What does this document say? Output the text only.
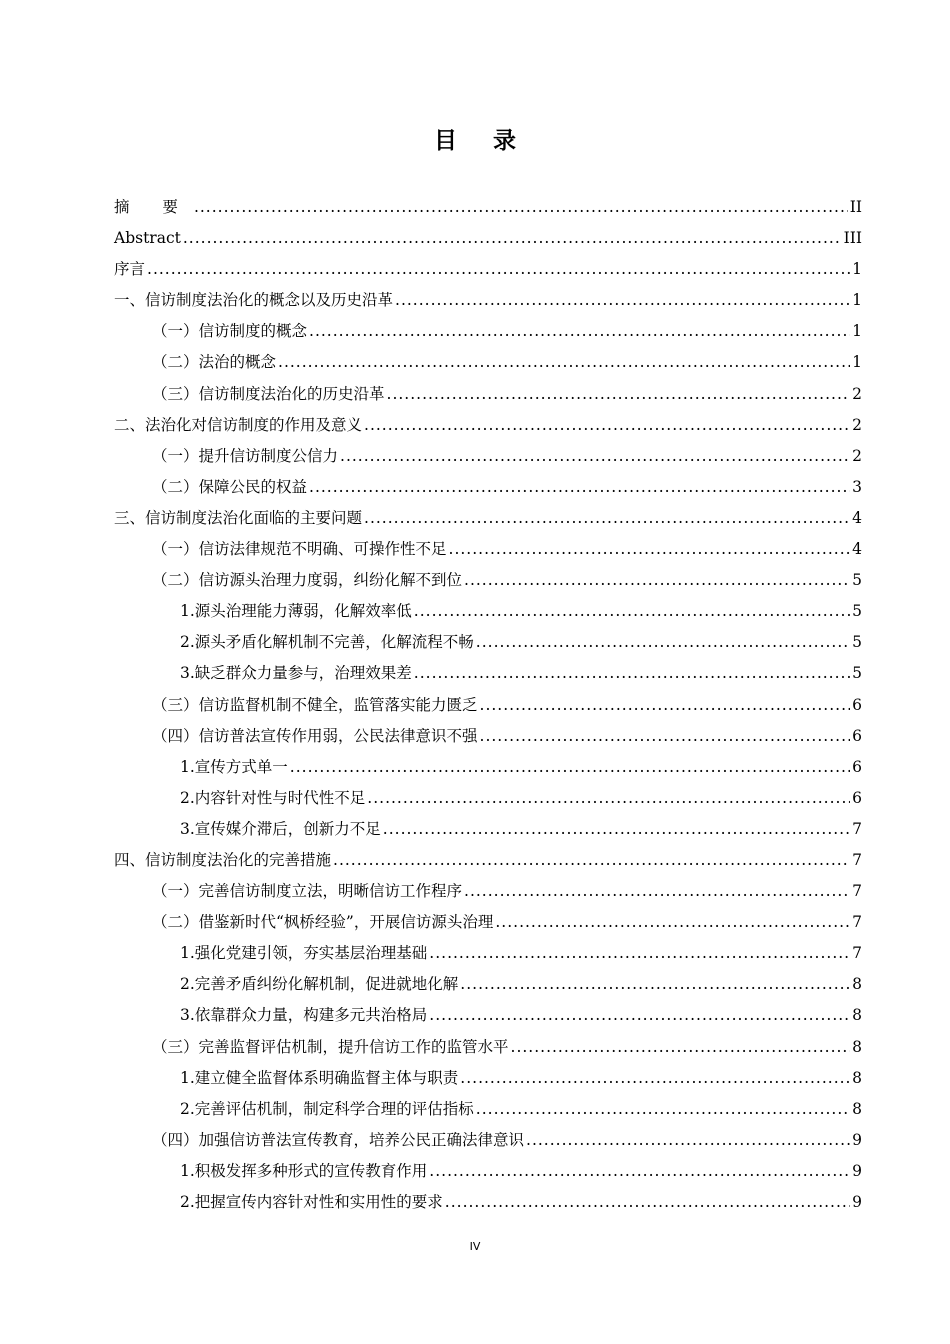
目 录
摘 要 .....	II
Abstract .....	III
序言 .....	1
一、信访制度法治化的概念以及历史沿革 .....	1
（一）信访制度的概念 .....	1
（二）法治的概念 .....	1
（三）信访制度法治化的历史沿革 .....	2
二、法治化对信访制度的作用及意义 .....	2
（一）提升信访制度公信力 .....	2
（二）保障公民的权益 .....	3
三、信访制度法治化面临的主要问题 .....	4
（一）信访法律规范不明确、可操作性不足 .....	4
（二）信访源头治理力度弱，纠纷化解不到位 .....	5
1.源头治理能力薄弱，化解效率低 .....	5
2.源头矛盾化解机制不完善，化解流程不畅 .....	5
3.缺乏群众力量参与，治理效果差 .....	5
（三）信访监督机制不健全，监管落实能力匮乏 .....	6
（四）信访普法宣传作用弱，公民法律意识不强 .....	6
1.宣传方式单一 .....	6
2.内容针对性与时代性不足 .....	6
3.宣传媒介滞后，创新力不足 .....	7
四、信访制度法治化的完善措施 .....	7
（一）完善信访制度立法，明晰信访工作程序 .....	7
（二）借鉴新时代“枫桥经验”，开展信访源头治理 .....	7
1.强化党建引领，夯实基层治理基础 .....	7
2.完善矛盾纠纷化解机制，促进就地化解 .....	8
3.依靠群众力量，构建多元共治格局 .....	8
（三）完善监督评估机制，提升信访工作的监管水平 .....	8
1.建立健全监督体系明确监督主体与职责 .....	8
2.完善评估机制，制定科学合理的评估指标 .....	8
（四）加强信访普法宣传教育，培养公民正确法律意识 .....	9
1.积极发挥多种形式的宣传教育作用 .....	9
2.把握宣传内容针对性和实用性的要求 .....	9
IV
